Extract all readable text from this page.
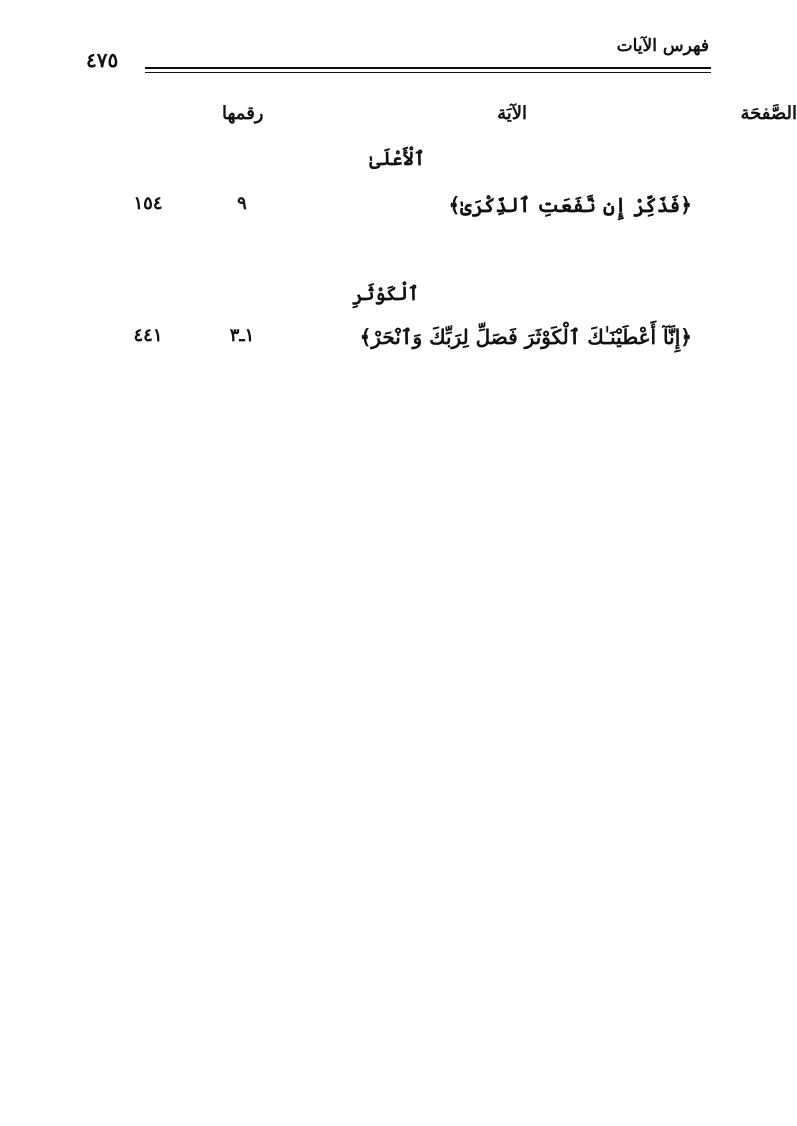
فهرس الآيات
٤٧٥
الآيَة
رقمها	الصَّفحَة
ٱلْأَعْلَىٰ
﴿فَذَكِّرْ إِن نَّفَعَتِ ٱلذِّكْرَىٰ﴾
٩
١٥٤
ٱلْكَوْثَرِ
﴿إِنَّآ أَعْطَيْنَـٰكَ ٱلْكَوْثَرَ فَصَلِّ لِرَبِّكَ وَٱنْحَرْ﴾
١ـ٣
٤٤١
